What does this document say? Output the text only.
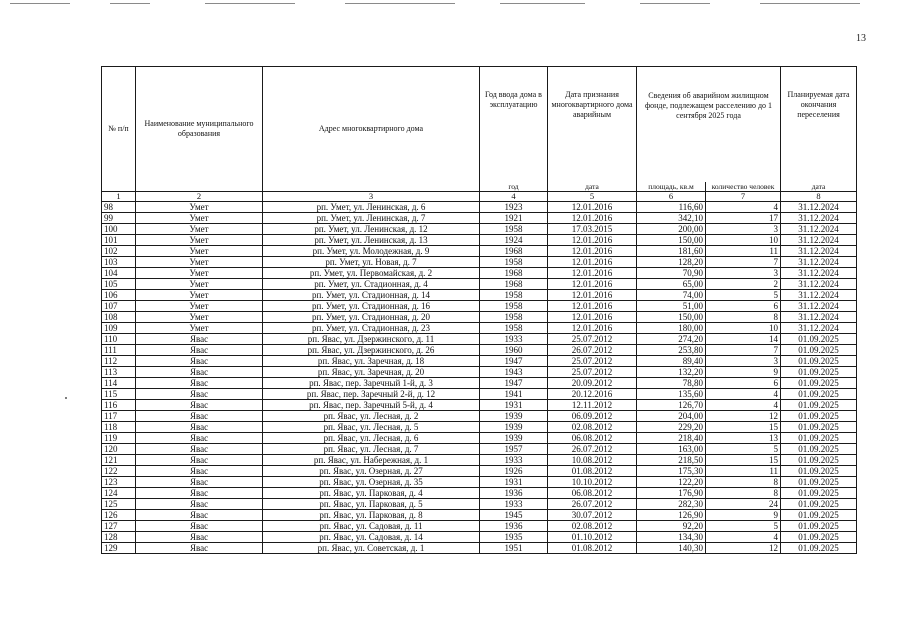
13
№ п/п	Наименование муниципального образования	Адрес многоквартирного дома	Год ввода дома в эксплуатацию	Дата признания многоквартирного дома аварийным	Сведения об аварийном жилищном фонде, подлежащем расселению до 1 сентября 2025 года		Планируемая дата окончания переселения
			год	дата	площадь, кв.м	количество человек	дата
1	2	3	4	5	6	7	8
98	Умет	рп. Умет, ул. Ленинская, д. 6	1923	12.01.2016	116,60	4	31.12.2024
99	Умет	рп. Умет, ул. Ленинская, д. 7	1921	12.01.2016	342,10	17	31.12.2024
100	Умет	рп. Умет, ул. Ленинская, д. 12	1958	17.03.2015	200,00	3	31.12.2024
101	Умет	рп. Умет, ул. Ленинская, д. 13	1924	12.01.2016	150,00	10	31.12.2024
102	Умет	рп. Умет, ул. Молодежная, д. 9	1968	12.01.2016	181,60	11	31.12.2024
103	Умет	рп. Умет, ул. Новая, д. 7	1958	12.01.2016	128,20	7	31.12.2024
104	Умет	рп. Умет, ул. Первомайская, д. 2	1968	12.01.2016	70,90	3	31.12.2024
105	Умет	рп. Умет, ул. Стадионная, д. 4	1968	12.01.2016	65,00	2	31.12.2024
106	Умет	рп. Умет, ул. Стадионная, д. 14	1958	12.01.2016	74,00	5	31.12.2024
107	Умет	рп. Умет, ул. Стадионная, д. 16	1958	12.01.2016	51,00	6	31.12.2024
108	Умет	рп. Умет, ул. Стадионная, д. 20	1958	12.01.2016	150,00	8	31.12.2024
109	Умет	рп. Умет, ул. Стадионная, д. 23	1958	12.01.2016	180,00	10	31.12.2024
110	Явас	рп. Явас, ул. Дзержинского, д. 11	1933	25.07.2012	274,20	14	01.09.2025
111	Явас	рп. Явас, ул. Дзержинского, д. 26	1960	26.07.2012	253,80	7	01.09.2025
112	Явас	рп. Явас, ул. Заречная, д. 18	1947	25.07.2012	89,40	3	01.09.2025
113	Явас	рп. Явас, ул. Заречная, д. 20	1943	25.07.2012	132,20	9	01.09.2025
114	Явас	рп. Явас, пер. Заречный 1-й, д. 3	1947	20.09.2012	78,80	6	01.09.2025
115	Явас	рп. Явас, пер. Заречный 2-й, д. 12	1941	20.12.2016	135,60	4	01.09.2025
116	Явас	рп. Явас, пер. Заречный 5-й, д. 4	1931	12.11.2012	126,70	4	01.09.2025
117	Явас	рп. Явас, ул. Лесная, д. 2	1939	06.09.2012	204,00	12	01.09.2025
118	Явас	рп. Явас, ул. Лесная, д. 5	1939	02.08.2012	229,20	15	01.09.2025
119	Явас	рп. Явас, ул. Лесная, д. 6	1939	06.08.2012	218,40	13	01.09.2025
120	Явас	рп. Явас, ул. Лесная, д. 7	1957	26.07.2012	163,00	5	01.09.2025
121	Явас	рп. Явас, ул. Набережная, д. 1	1933	10.08.2012	218,50	15	01.09.2025
122	Явас	рп. Явас, ул. Озерная, д. 27	1926	01.08.2012	175,30	11	01.09.2025
123	Явас	рп. Явас, ул. Озерная, д. 35	1931	10.10.2012	122,20	8	01.09.2025
124	Явас	рп. Явас, ул. Парковая, д. 4	1936	06.08.2012	176,90	8	01.09.2025
125	Явас	рп. Явас, ул. Парковая, д. 5	1933	26.07.2012	282,30	24	01.09.2025
126	Явас	рп. Явас, ул. Парковая, д. 8	1945	30.07.2012	126,90	9	01.09.2025
127	Явас	рп. Явас, ул. Садовая, д. 11	1936	02.08.2012	92,20	5	01.09.2025
128	Явас	рп. Явас, ул. Садовая, д. 14	1935	01.10.2012	134,30	4	01.09.2025
129	Явас	рп. Явас, ул. Советская, д. 1	1951	01.08.2012	140,30	12	01.09.2025
